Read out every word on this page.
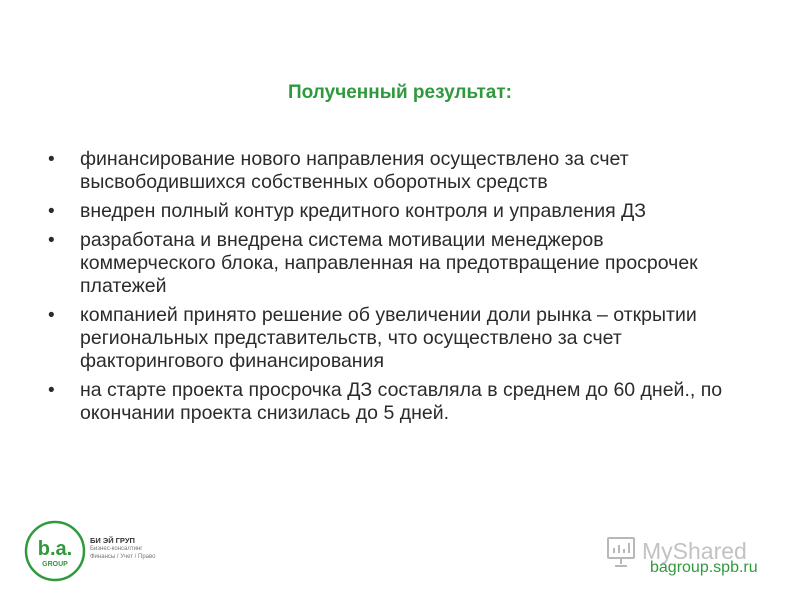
Полученный результат:
• финансирование нового направления осуществлено за счет высвободившихся собственных оборотных средств
• внедрен полный контур кредитного контроля и управления ДЗ
• разработана и внедрена система мотивации менеджеров коммерческого блока, направленная на предотвращение просрочек платежей
• компанией принято решение об увеличении доли рынка – открытии региональных представительств, что осуществлено за счет факторингового финансирования
• на старте проекта просрочка ДЗ составляла в среднем до 60 дней., по окончании проекта снизилась до 5 дней.
b.a.
GROUP
БИ ЭЙ ГРУП
Бизнес-консалтинг
Финансы / Учет / Право	MyShared
bagroup.spb.ru
